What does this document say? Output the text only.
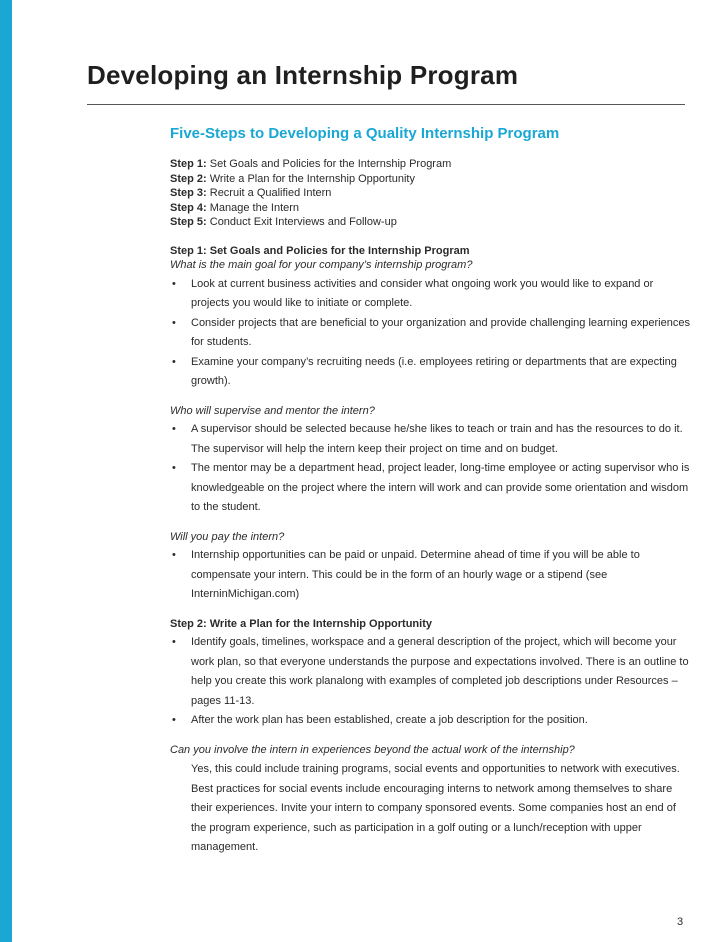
Developing an Internship Program
Five-Steps to Developing a Quality Internship Program
Step 1: Set Goals and Policies for the Internship Program
Step 2: Write a Plan for the Internship Opportunity
Step 3: Recruit a Qualified Intern
Step 4: Manage the Intern
Step 5: Conduct Exit Interviews and Follow-up

Step 1: Set Goals and Policies for the Internship Program

What is the main goal for your company’s internship program?

• Look at current business activities and consider what ongoing work you would like to expand or projects you would like to initiate or complete.
• Consider projects that are beneficial to your organization and provide challenging learning experiences for students.
• Examine your company’s recruiting needs (i.e. employees retiring or departments that are expecting growth).

Who will supervise and mentor the intern?

• A supervisor should be selected because he/she likes to teach or train and has the resources to do it. The supervisor will help the intern keep their project on time and on budget.
• The mentor may be a department head, project leader, long-time employee or acting supervisor who is knowledgeable on the project where the intern will work and can provide some orientation and wisdom to the student.

Will you pay the intern?

• Internship opportunities can be paid or unpaid. Determine ahead of time if you will be able to compensate your intern. This could be in the form of an hourly wage or a stipend (see InterninMichigan.com)

Step 2: Write a Plan for the Internship Opportunity

• Identify goals, timelines, workspace and a general description of the project, which will become your work plan, so that everyone understands the purpose and expectations involved. There is an outline to help you create this work planalong with examples of completed job descriptions under Resources – pages 11-13.
• After the work plan has been established, create a job description for the position.

Can you involve the intern in experiences beyond the actual work of the internship?

Yes, this could include training programs, social events and opportunities to network with executives. Best practices for social events include encouraging interns to network among themselves to share their experiences. Invite your intern to company sponsored events. Some companies host an end of the program experience, such as participation in a golf outing or a lunch/reception with upper management.

3
